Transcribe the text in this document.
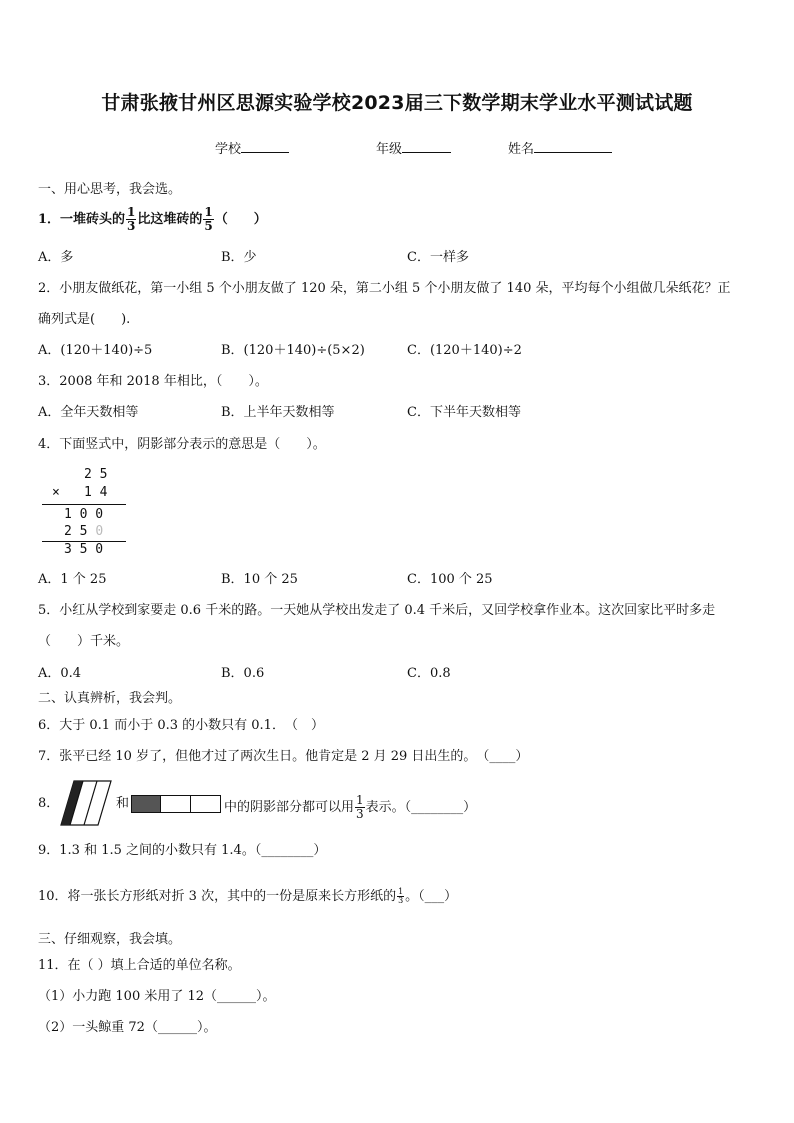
甘肃张掖甘州区思源实验学校2023届三下数学期末学业水平测试试题
学校	年级	姓名
一、用心思考，我会选。
1．一堆砖头的 $\frac{1}{3}$ 比这堆砖的 $\frac{1}{5}$ （　　）
A．多	B．少	C．一样多
2．小朋友做纸花，第一小组 5 个小朋友做了 120 朵，第二小组 5 个小朋友做了 140 朵，平均每个小组做几朵纸花？正
确列式是(　　).
A．(120＋140)÷5	B．(120＋140)÷(5×2)	C．(120＋140)÷2
3．2008 年和 2018 年相比，（　　）。
A．全年天数相等	B．上半年天数相等	C．下半年天数相等
4．下面竖式中，阴影部分表示的意思是（　　）。
2 5
× 1 4
1 0 0
2 5 0
3 5 0
A．1 个 25	B．10 个 25	C．100 个 25
5．小红从学校到家要走 0.6 千米的路。一天她从学校出发走了 0.4 千米后，又回学校拿作业本。这次回家比平时多走
（　　）千米。
A．0.4	B．0.6	C．0.8
二、认真辨析，我会判。
6．大于 0.1 而小于 0.3 的小数只有 0.1．　（　）
7．张平已经 10 岁了，但他才过了两次生日。他肯定是 2 月 29 日出生的。　（____）
8．	和	中的阴影部分都可以用 $\frac{1}{3}$ 表示。（________）
9．1.3 和 1.5 之间的小数只有 1.4。（________）
10．将一张长方形纸对折 3 次，其中的一份是原来长方形纸的 $\frac{1}{3}$ 。（___）
三、仔细观察，我会填。
11．在（ ）填上合适的单位名称。
（1）小力跑 100 米用了 12（______）。
（2）一头鲸重 72（______）。
